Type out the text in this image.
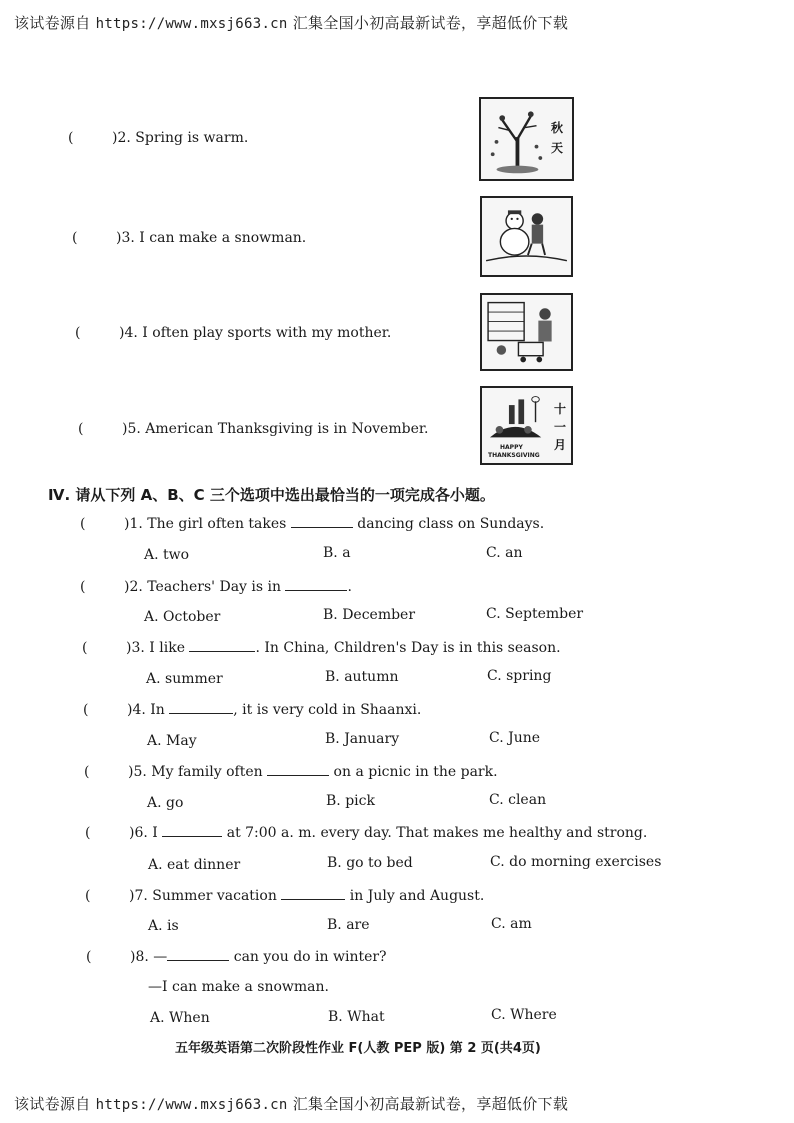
该试卷源自 https://www.mxsj663.cn 汇集全国小初高最新试卷，享超低价下载
(	)2. Spring is warm.
(	)3. I can make a snowman.
(	)4. I often play sports with my mother.
(	)5. American Thanksgiving is in November.
秋
天
十
一
月
HAPPY
THANKSGIVING
Ⅳ. 请从下列 A、B、C 三个选项中选出最恰当的一项完成各小题。
(	)1. The girl often takes	dancing class on Sundays.
A. two	B. a	C. an
(	)2. Teachers' Day is in	.
A. October	B. December	C. September
(	)3. I like	. In China, Children's Day is in this season.
A. summer	B. autumn	C. spring
(	)4. In	, it is very cold in Shaanxi.
A. May	B. January	C. June
(	)5. My family often	on a picnic in the park.
A. go	B. pick	C. clean
(	)6. I	at 7:00 a. m. every day. That makes me healthy and strong.
A. eat dinner	B. go to bed	C. do morning exercises
(	)7. Summer vacation	in July and August.
A. is	B. are	C. am
(	)8. —	can you do in winter?
—I can make a snowman.
A. When	B. What	C. Where
五年级英语第二次阶段性作业 F(人教 PEP 版) 第 2 页(共4页)
该试卷源自 https://www.mxsj663.cn 汇集全国小初高最新试卷，享超低价下载
